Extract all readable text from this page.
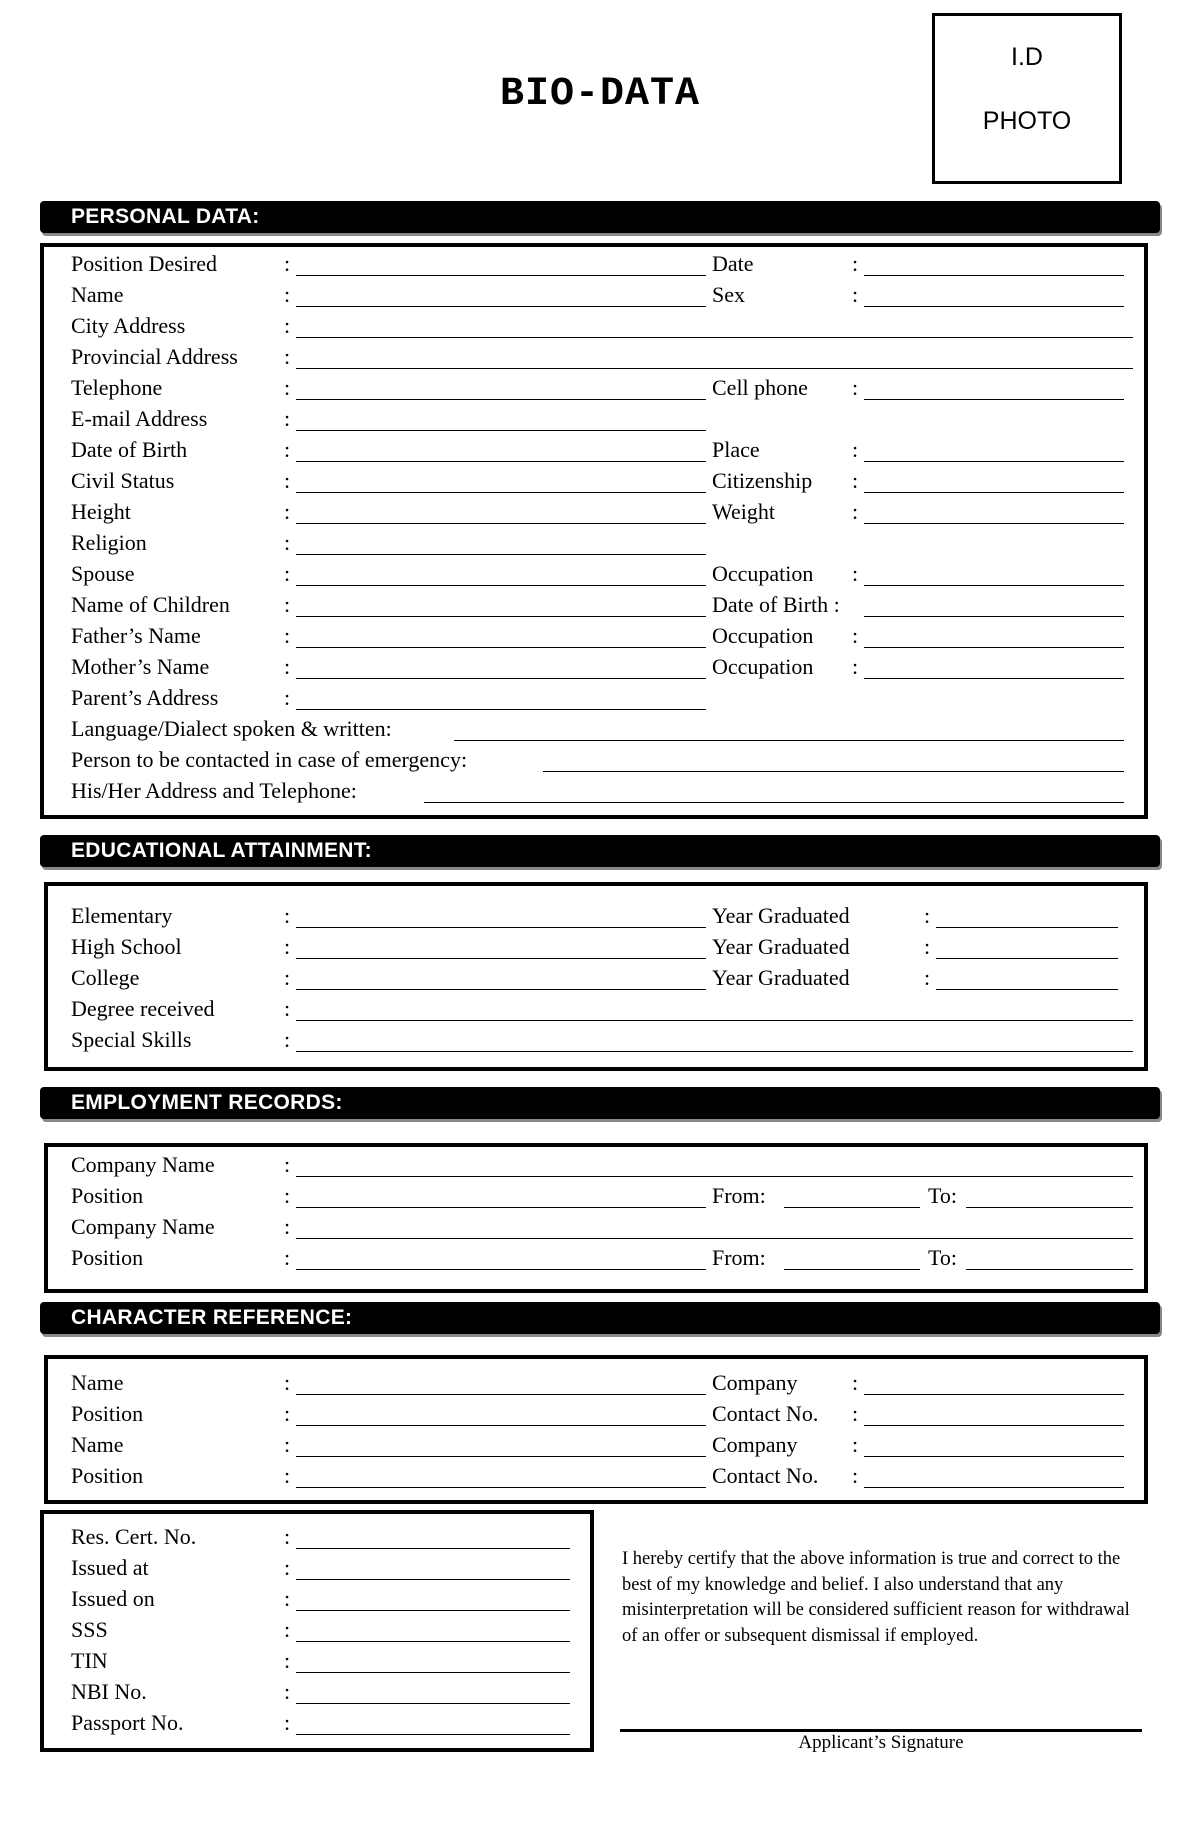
BIO-DATA
I.D
PHOTO
PERSONAL DATA:
EDUCATIONAL ATTAINMENT:
EMPLOYMENT RECORDS:
CHARACTER REFERENCE:
Position Desired	:	Date	:
Name	:	Sex	:
City Address	:
Provincial Address :
Telephone	:	Cell phone :
E-mail Address	:
Date of Birth	:	Place	:
Civil Status	:	Citizenship :
Height	:	Weight	:
Religion	:
Spouse	:	Occupation :
Name of Children :	Date of Birth :
Father’s Name	:	Occupation :
Mother’s Name	:	Occupation :
Parent’s Address	:
Language/Dialect spoken & written:
Person to be contacted in case of emergency:
His/Her Address and Telephone:
Elementary	:	Year Graduated	:
High School	:	Year Graduated	:
College	:	Year Graduated	:
Degree received	:
Special Skills	:
Company Name	:
Position	:	From:	To:
Company Name	:
Position	:	From:	To:
Name	:	Company :
Position	:	Contact No. :
Name	:	Company :
Position	:	Contact No. :
Res. Cert. No.	:
Issued at	:
Issued on	:
SSS	:
TIN	:
NBI No.	:
Passport No.	:
I hereby certify that the above information is true and correct to the best of my knowledge and belief. I also understand that any misinterpretation will be considered sufficient reason for withdrawal of an offer or subsequent dismissal if employed.
Applicant’s Signature
